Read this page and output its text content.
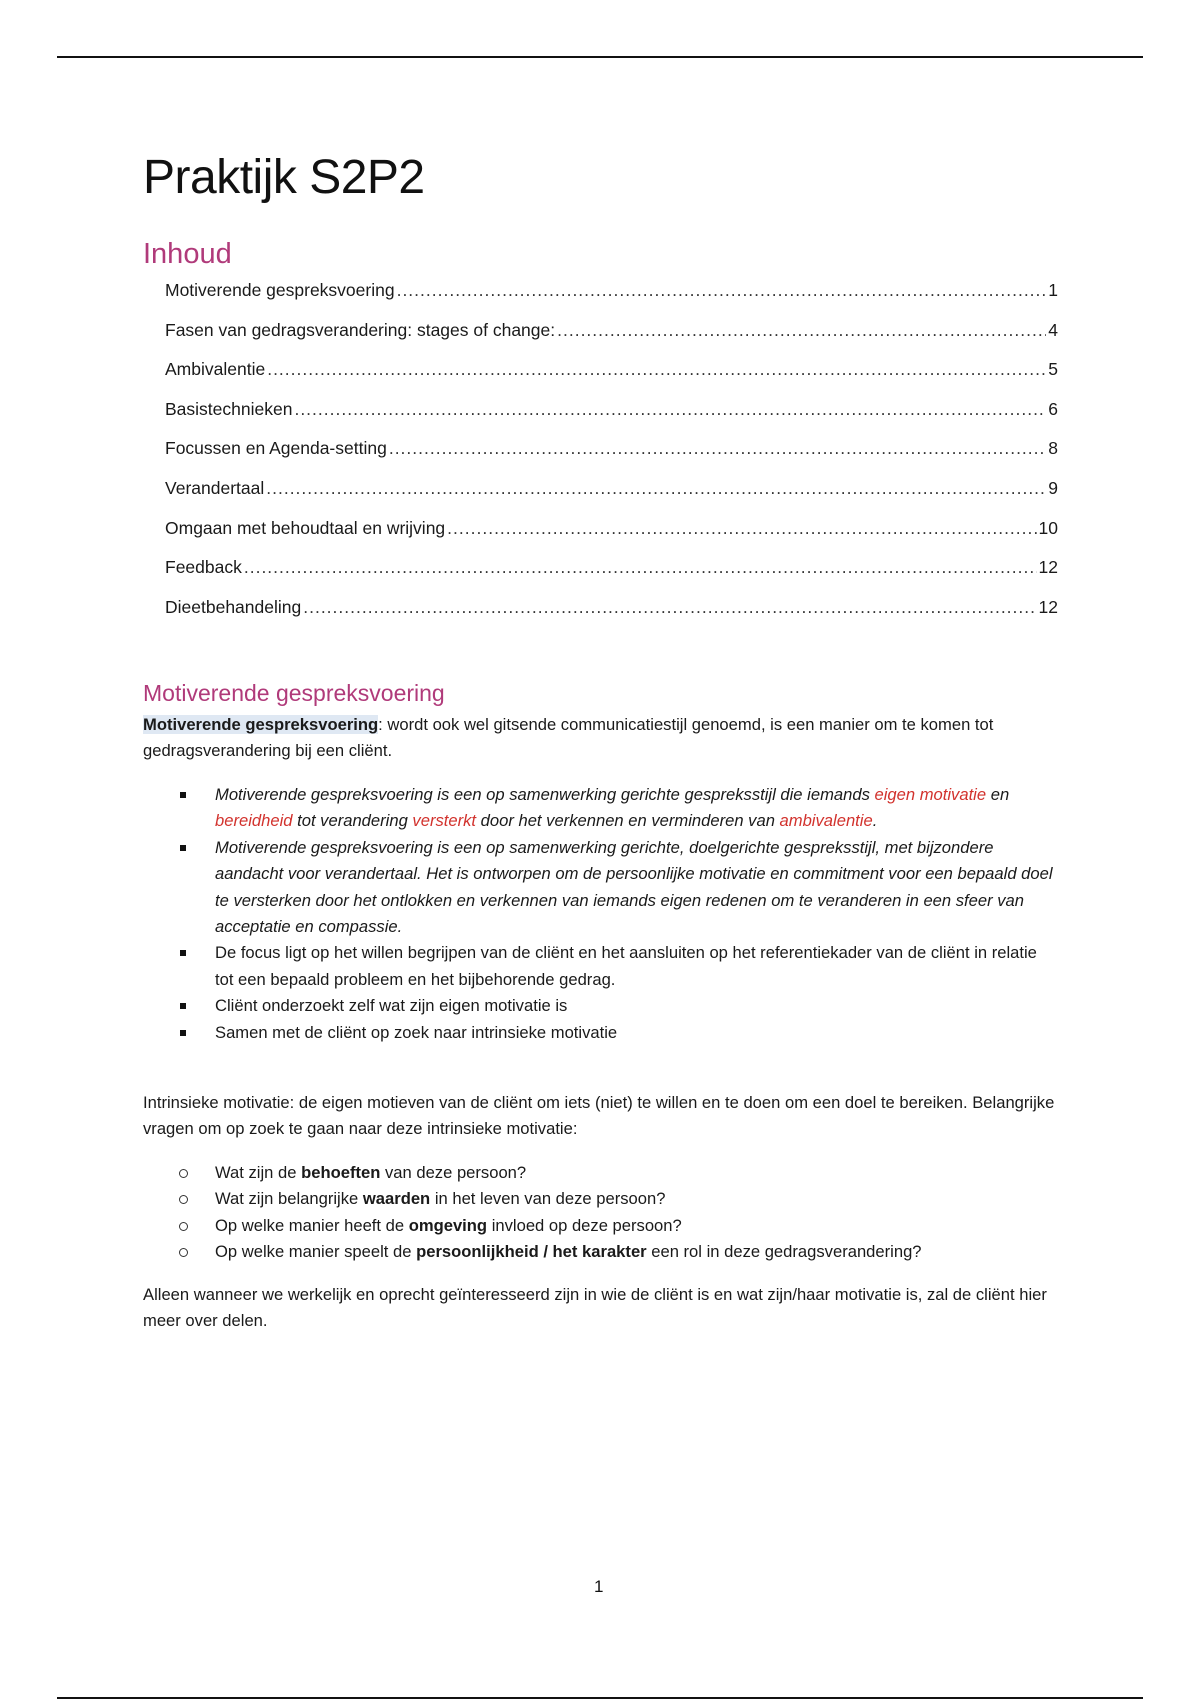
Praktijk S2P2
Inhoud
Motiverende gespreksvoering .....	1
Fasen van gedragsverandering: stages of change: .....	4
Ambivalentie .....	5
Basistechnieken .....	6
Focussen en Agenda-setting .....	8
Verandertaal .....	9
Omgaan met behoudtaal en wrijving .....	10
Feedback .....	12
Dieetbehandeling .....	12
Motiverende gespreksvoering

Motiverende gespreksvoering: wordt ook wel gitsende communicatiestijl genoemd, is een manier om te komen tot gedragsverandering bij een cliënt.

Motiverende gespreksvoering is een op samenwerking gerichte gespreksstijl die iemands eigen motivatie en bereidheid tot verandering versterkt door het verkennen en verminderen van ambivalentie.
Motiverende gespreksvoering is een op samenwerking gerichte, doelgerichte gespreksstijl, met bijzondere aandacht voor verandertaal. Het is ontworpen om de persoonlijke motivatie en commitment voor een bepaald doel te versterken door het ontlokken en verkennen van iemands eigen redenen om te veranderen in een sfeer van acceptatie en compassie.
De focus ligt op het willen begrijpen van de cliënt en het aansluiten op het referentiekader van de cliënt in relatie tot een bepaald probleem en het bijbehorende gedrag.
Cliënt onderzoekt zelf wat zijn eigen motivatie is
Samen met de cliënt op zoek naar intrinsieke motivatie

Intrinsieke motivatie: de eigen motieven van de cliënt om iets (niet) te willen en te doen om een doel te bereiken. Belangrijke vragen om op zoek te gaan naar deze intrinsieke motivatie:

Wat zijn de behoeften van deze persoon?
Wat zijn belangrijke waarden in het leven van deze persoon?
Op welke manier heeft de omgeving invloed op deze persoon?
Op welke manier speelt de persoonlijkheid / het karakter een rol in deze gedragsverandering?

Alleen wanneer we werkelijk en oprecht geïnteresseerd zijn in wie de cliënt is en wat zijn/haar motivatie is, zal de cliënt hier meer over delen.

1
